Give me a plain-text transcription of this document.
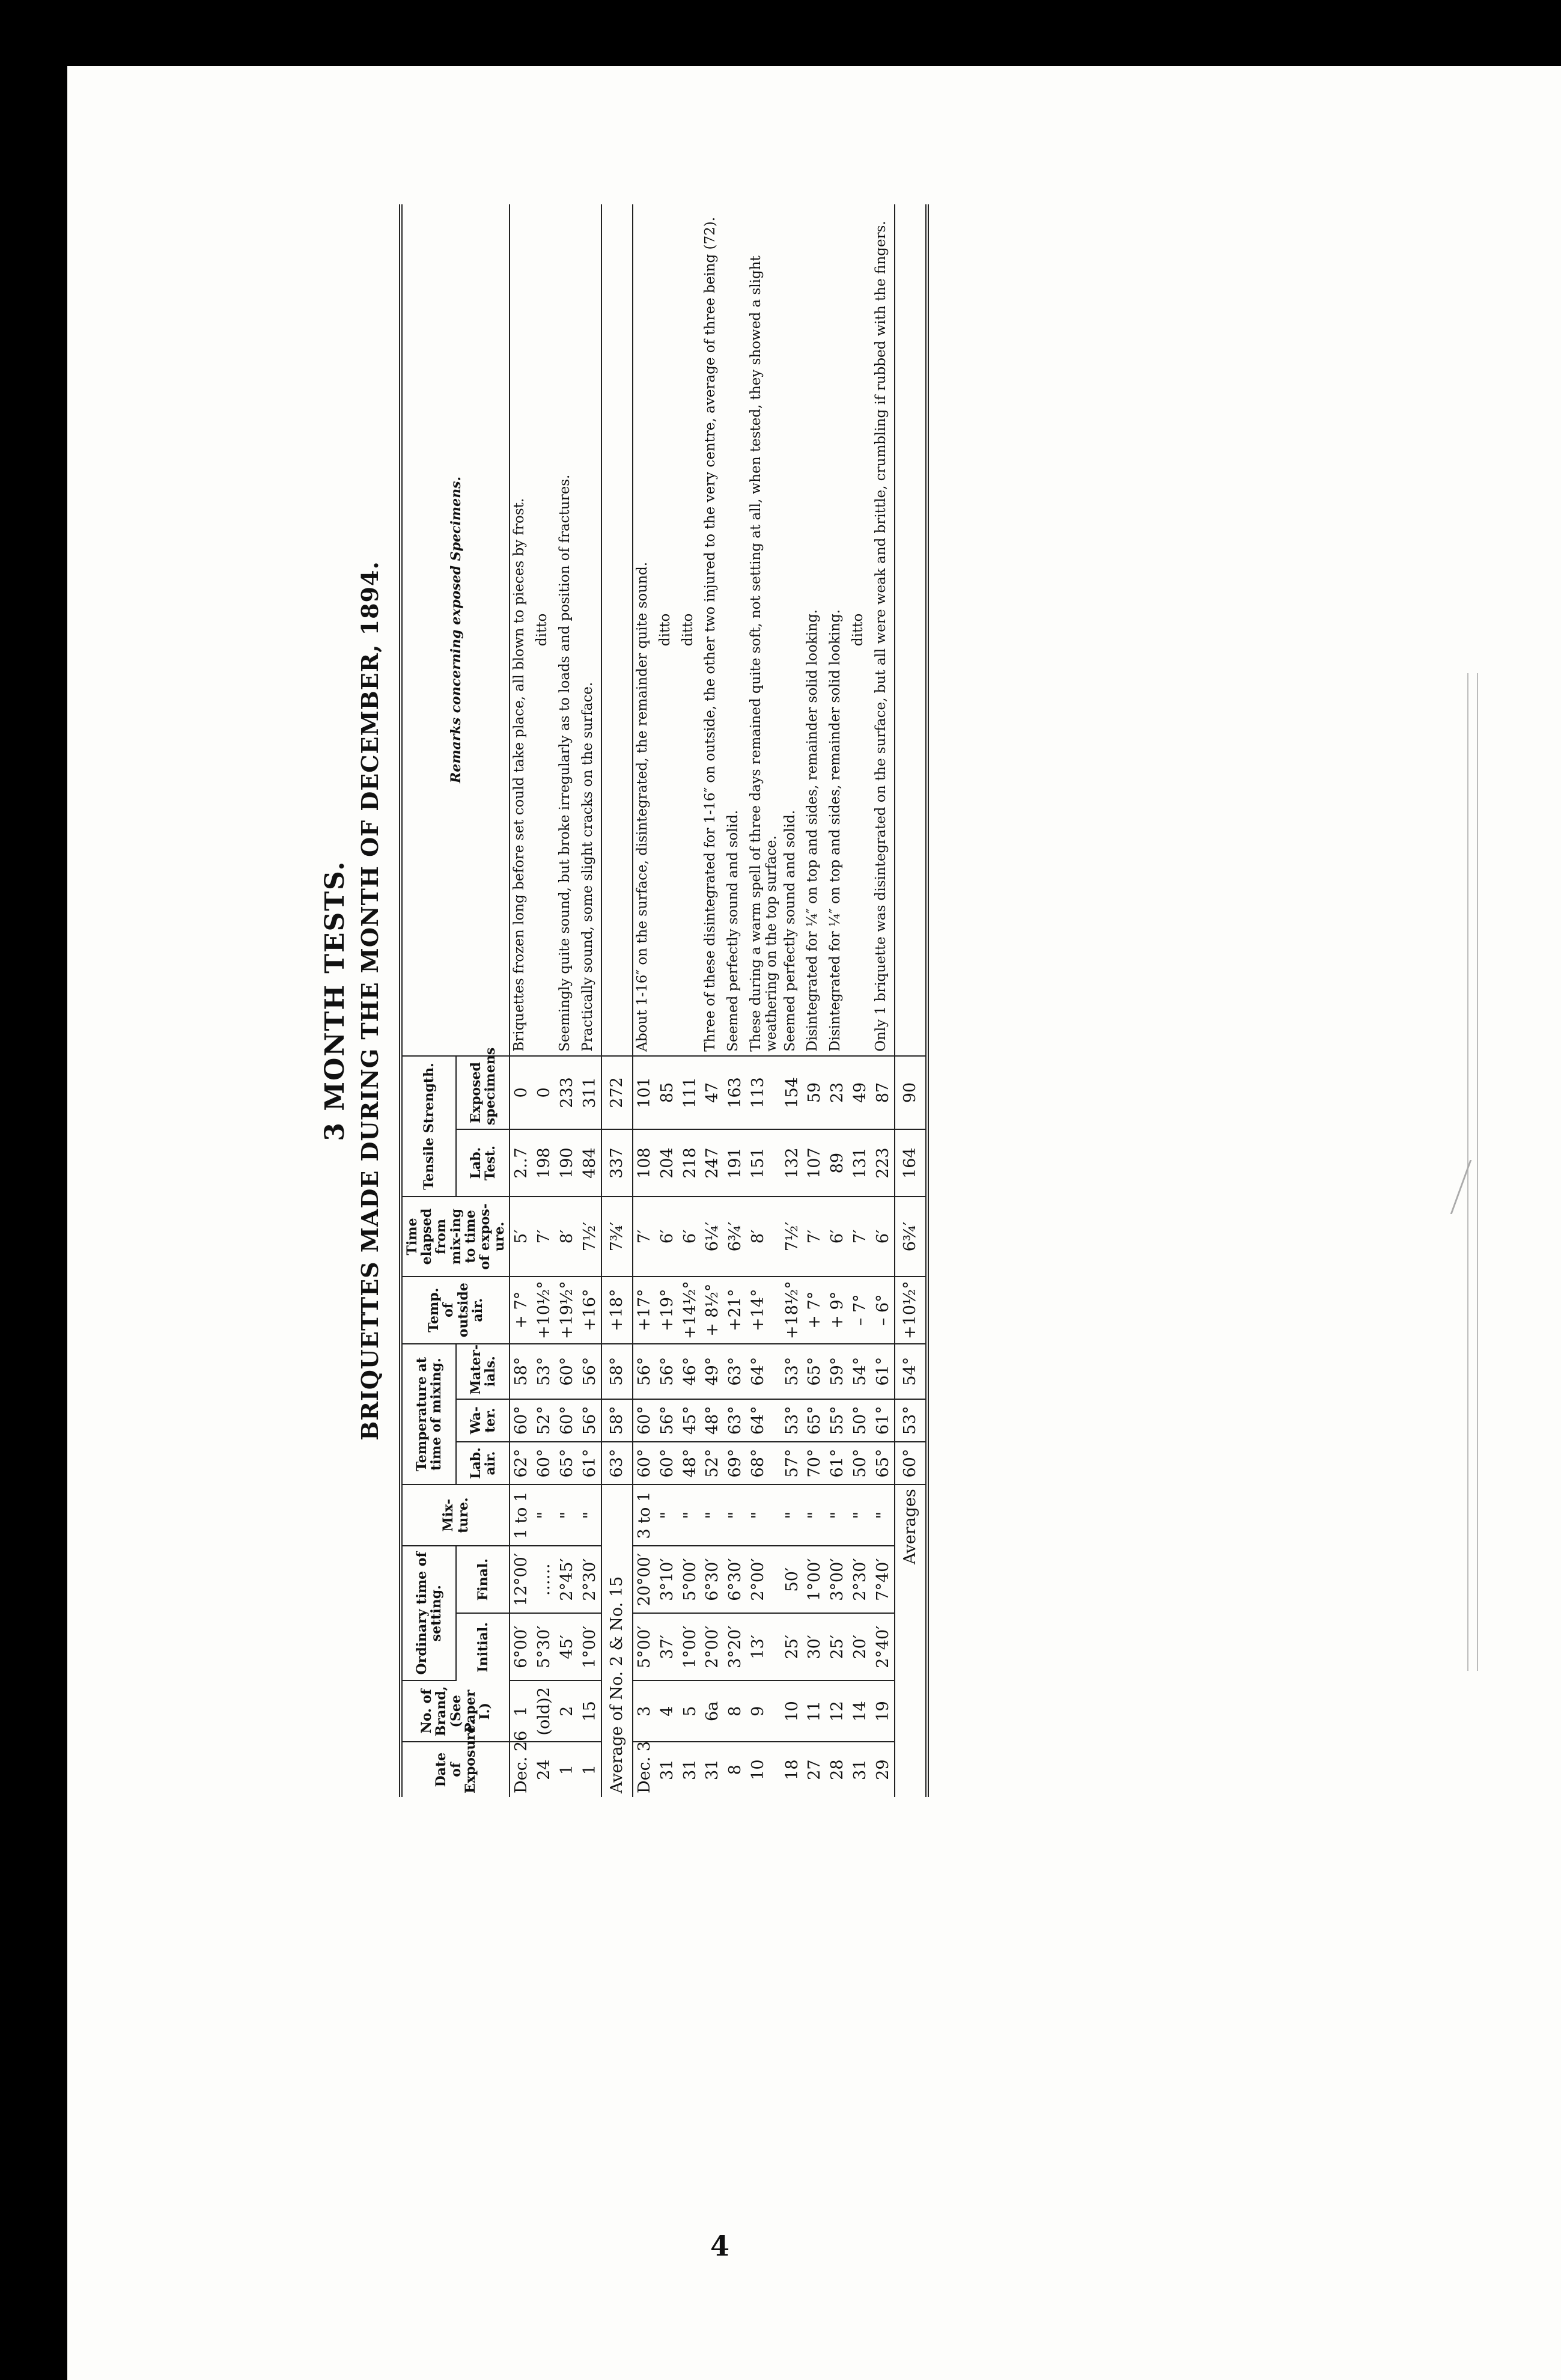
3 MONTH TESTS. BRIQUETTES MADE DURING THE MONTH OF DECEMBER, 1894.
Date of Exposure.	No. of Brand, (See Paper I.)	Ordinary time of setting.		Mix-ture.	Temperature at time of mixing.			Temp. of outside air.	Time elapsed from mix-ing to time of expos-ure.	Tensile Strength.		Remarks concerning exposed Specimens.
		Initial.	Final.		Lab. air.	Wa-ter.	Mater-ials.			Lab. Test.	Exposed specimens	
Dec. 26	1	6°00′	12°00′	1 to 1	62°	60°	58°	+ 7°	5′	2..7	0	Briquettes frozen long before set could take place, all blown to pieces by frost.
24	(old)2	5°30′	……	"	60°	52°	53°	+10½°	7′	198	0	ditto
1	2	45′	2°45′	"	65°	60°	60°	+19½°	8′	190	233	Seemingly quite sound, but broke irregularly as to loads and position of fractures.
1	15	1°00′	2°30′	"	61°	56°	56°	+16°	7½′	484	311	Practically sound, some slight cracks on the surface.
Average of No. 2 & No. 15					63°	58°	58°	+18°	7¾′	337	272	
Dec. 3	3	5°00′	20°00′	3 to 1	60°	60°	56°	+17°	7′	108	101	About 1-16″ on the surface, disintegrated, the remainder quite sound.
31	4	37′	3°10′	"	60°	56°	56°	+19°	6′	204	85	ditto
31	5	1°00′	5°00′	"	48°	45°	46°	+14½°	6′	218	111	ditto
31	6a	2°00′	6°30′	"	52°	48°	49°	+ 8½°	6¼′	247	47	Three of these disintegrated for 1-16″ on outside, the other two injured to the very centre, average of three being (72).
8	8	3°20′	6°30′	"	69°	63°	63°	+21°	6¾′	191	163	Seemed perfectly sound and solid.
10	9	13′	2°00′	"	68°	64°	64°	+14°	8′	151	113	These during a warm spell of three days remained quite soft, not setting at all, when tested, they showed a slight weathering on the top surface.
18	10	25′	50′	"	57°	53°	53°	+18½°	7½′	132	154	Seemed perfectly sound and solid.
27	11	30′	1°00′	"	70°	65°	65°	+ 7°	7′	107	59	Disintegrated for ¼″ on top and sides, remainder solid looking.
28	12	25′	3°00′	"	61°	55°	59°	+ 9°	6′	89	23	Disintegrated for ¼″ on top and sides, remainder solid looking.
31	14	20′	2°30′	"	50°	50°	54°	– 7°	7′	131	49	ditto
29	19	2°40′	7°40′	"	65°	61°	61°	– 6°	6′	223	87	Only 1 briquette was disintegrated on the surface, but all were weak and brittle, crumbling if rubbed with the fingers.
Averages					60°	53°	54°	+10½°	6¾′	164	90	
4
